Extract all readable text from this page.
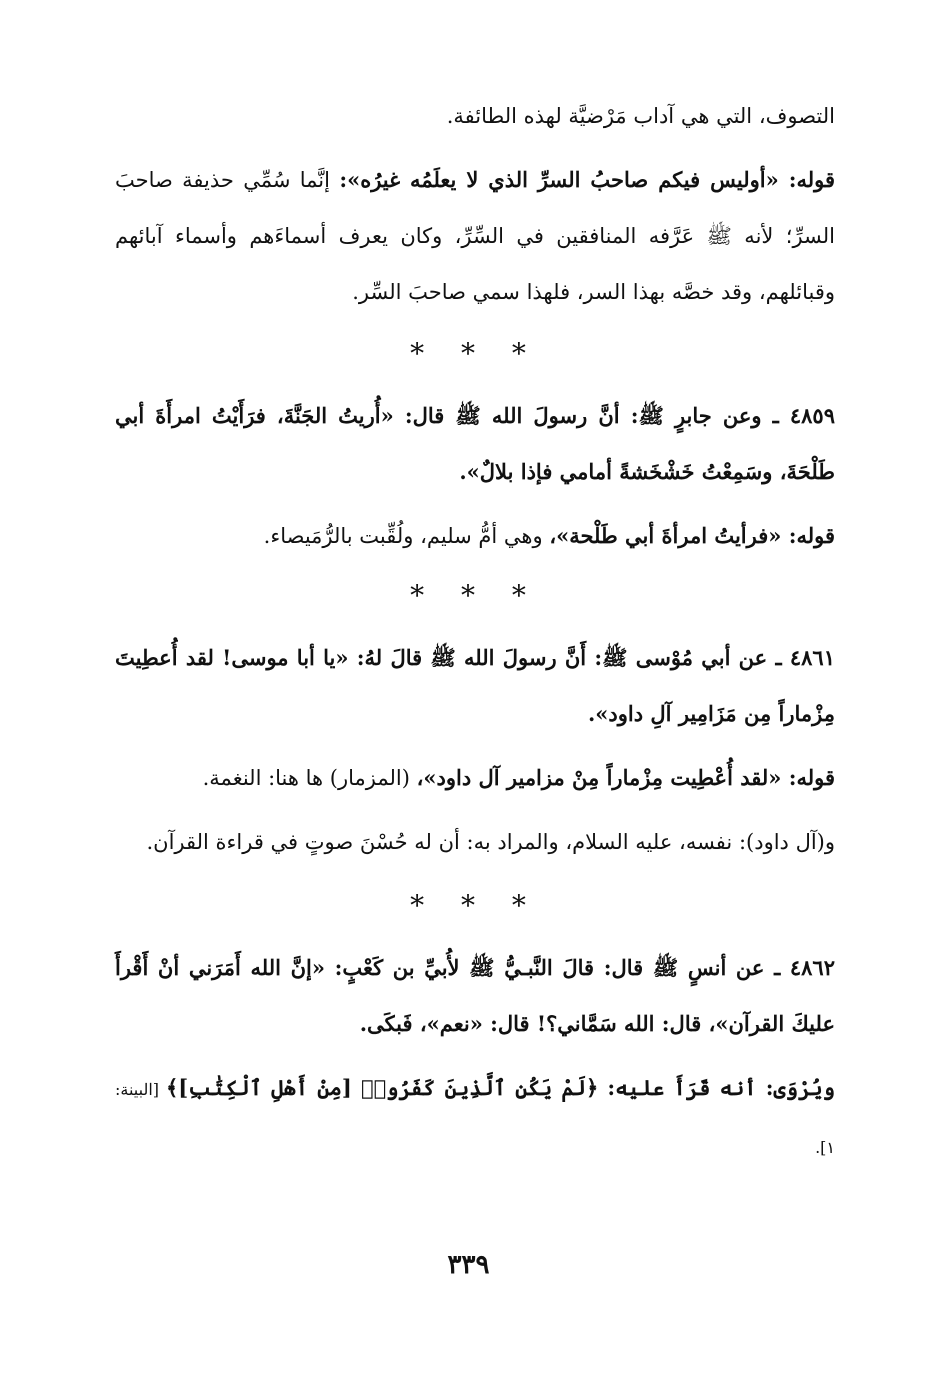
التصوف، التي هي آداب مَرْضيَّة لهذه الطائفة.

قوله: «أوليس فيكم صاحبُ السرِّ الذي لا يعلَمُه غيرُه»: إنَّما سُمِّي حذيفة صاحبَ السرِّ؛ لأنه ﷺ عَرَّفه المنافقين في السِّرِّ، وكان يعرف أسماءَهم وأسماء آبائهم وقبائلهم، وقد خصَّه بهذا السر، فلهذا سمي صاحبَ السِّر.

* * *

٤٨٥٩ ـ وعن جابرٍ ﷺ: أنَّ رسولَ الله ﷺ قال: «أُريتُ الجَنَّةَ، فرَأَيْتُ امرأَةَ أبي طَلْحَةَ، وسَمِعْتُ خَشْخَشةً أمامي فإذا بلالٌ».

قوله: «فرأيتُ امرأةَ أبي طَلْحة»، وهي أمُّ سليم، ولُقِّبت بالرُّمَيصاء.

* * *

٤٨٦١ ـ عن أبي مُوْسى ﷺ: أَنَّ رسولَ الله ﷺ قالَ لهُ: «يا أبا موسى! لقد أُعطِيتَ مِزْماراً مِن مَزَامِير آلِ داود».

قوله: «لقد أُعْطِيت مِزْماراً مِنْ مزامير آل داود»، (المزمار) ها هنا: النغمة.

و(آل داود): نفسه، عليه السلام، والمراد به: أن له حُسْنَ صوتٍ في قراءة القرآن.

* * *

٤٨٦٢ ـ عن أنسٍ ﷺ قال: قالَ النَّبـيُّ ﷺ لأُبيِّ بن كَعْبٍ: «إنَّ الله أَمَرَني أنْ أَقْرأَ عليكَ القرآن»، قال: الله سَمَّاني؟! قال: «نعم»، فَبكَى.

ويُرْوَى: أنه قَرَأَ عليه: ﴿لَمْ يَكُنِ ٱلَّذِينَ كَفَرُوا۟ [مِنْ أَهْلِ ٱلْكِتَٰبِ]﴾ [البينة: ١].

٣٣٩
